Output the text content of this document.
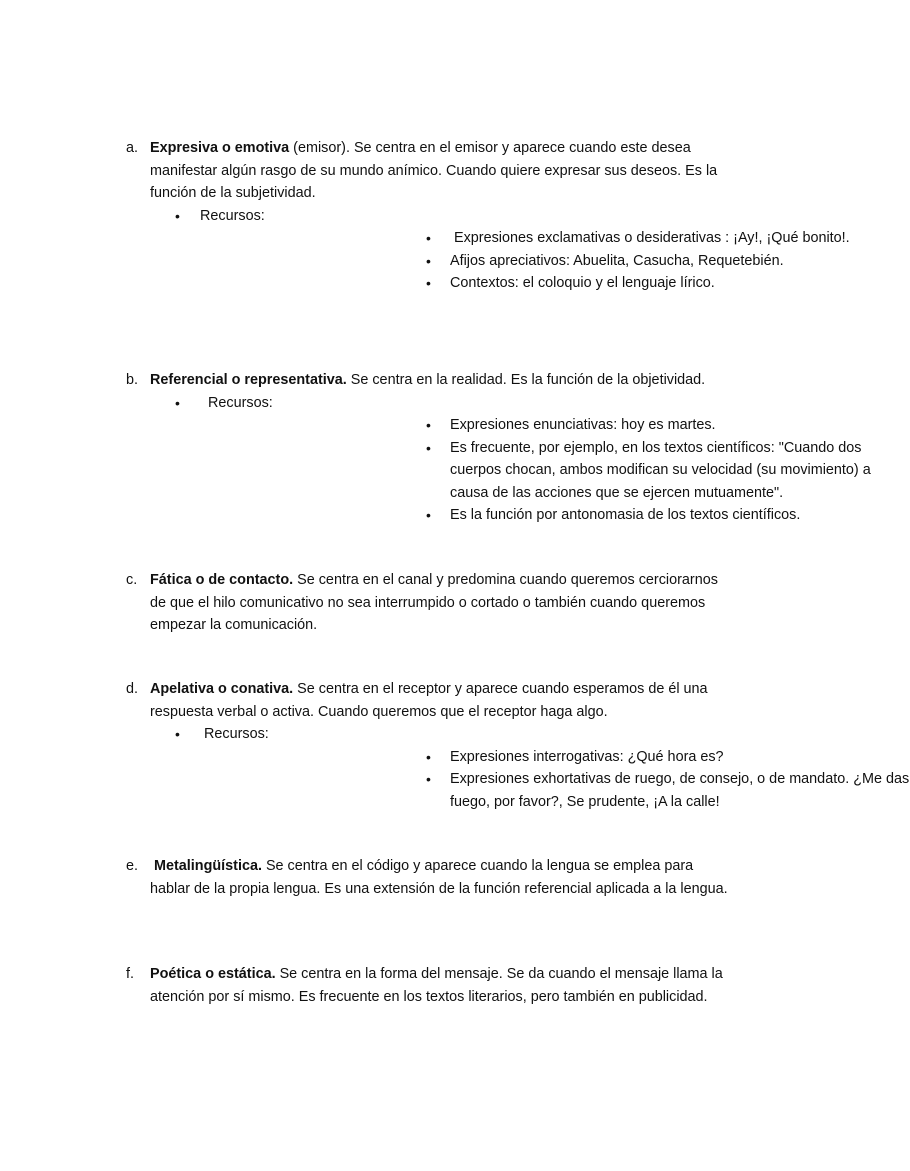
a. Expresiva o emotiva (emisor). Se centra en el emisor y aparece cuando este desea manifestar algún rasgo de su mundo anímico. Cuando quiere expresar sus deseos. Es la función de la subjetividad.
• Recursos:
• Expresiones exclamativas o desiderativas : ¡Ay!, ¡Qué bonito!.
• Afijos apreciativos: Abuelita, Casucha, Requetebién.
• Contextos: el coloquio y el lenguaje lírico.
b. Referencial o representativa. Se centra en la realidad. Es la función de la objetividad.
• Recursos:
• Expresiones enunciativas: hoy es martes.
• Es frecuente, por ejemplo, en los textos científicos: "Cuando dos cuerpos chocan, ambos modifican su velocidad (su movimiento) a causa de las acciones que se ejercen mutuamente".
• Es la función por antonomasia de los textos científicos.
c. Fática o de contacto. Se centra en el canal y predomina cuando queremos cerciorarnos de que el hilo comunicativo no sea interrumpido o cortado o también cuando queremos empezar la comunicación.
d. Apelativa o conativa. Se centra en el receptor y aparece cuando esperamos de él una respuesta verbal o activa. Cuando queremos que el receptor haga algo.
• Recursos:
• Expresiones interrogativas: ¿Qué hora es?
• Expresiones exhortativas de ruego, de consejo, o de mandato. ¿Me das fuego, por favor?, Se prudente, ¡A la calle!
e. Metalingüística. Se centra en el código y aparece cuando la lengua se emplea para hablar de la propia lengua. Es una extensión de la función referencial aplicada a la lengua.
f. Poética o estática. Se centra en la forma del mensaje. Se da cuando el mensaje llama la atención por sí mismo. Es frecuente en los textos literarios, pero también en publicidad.
